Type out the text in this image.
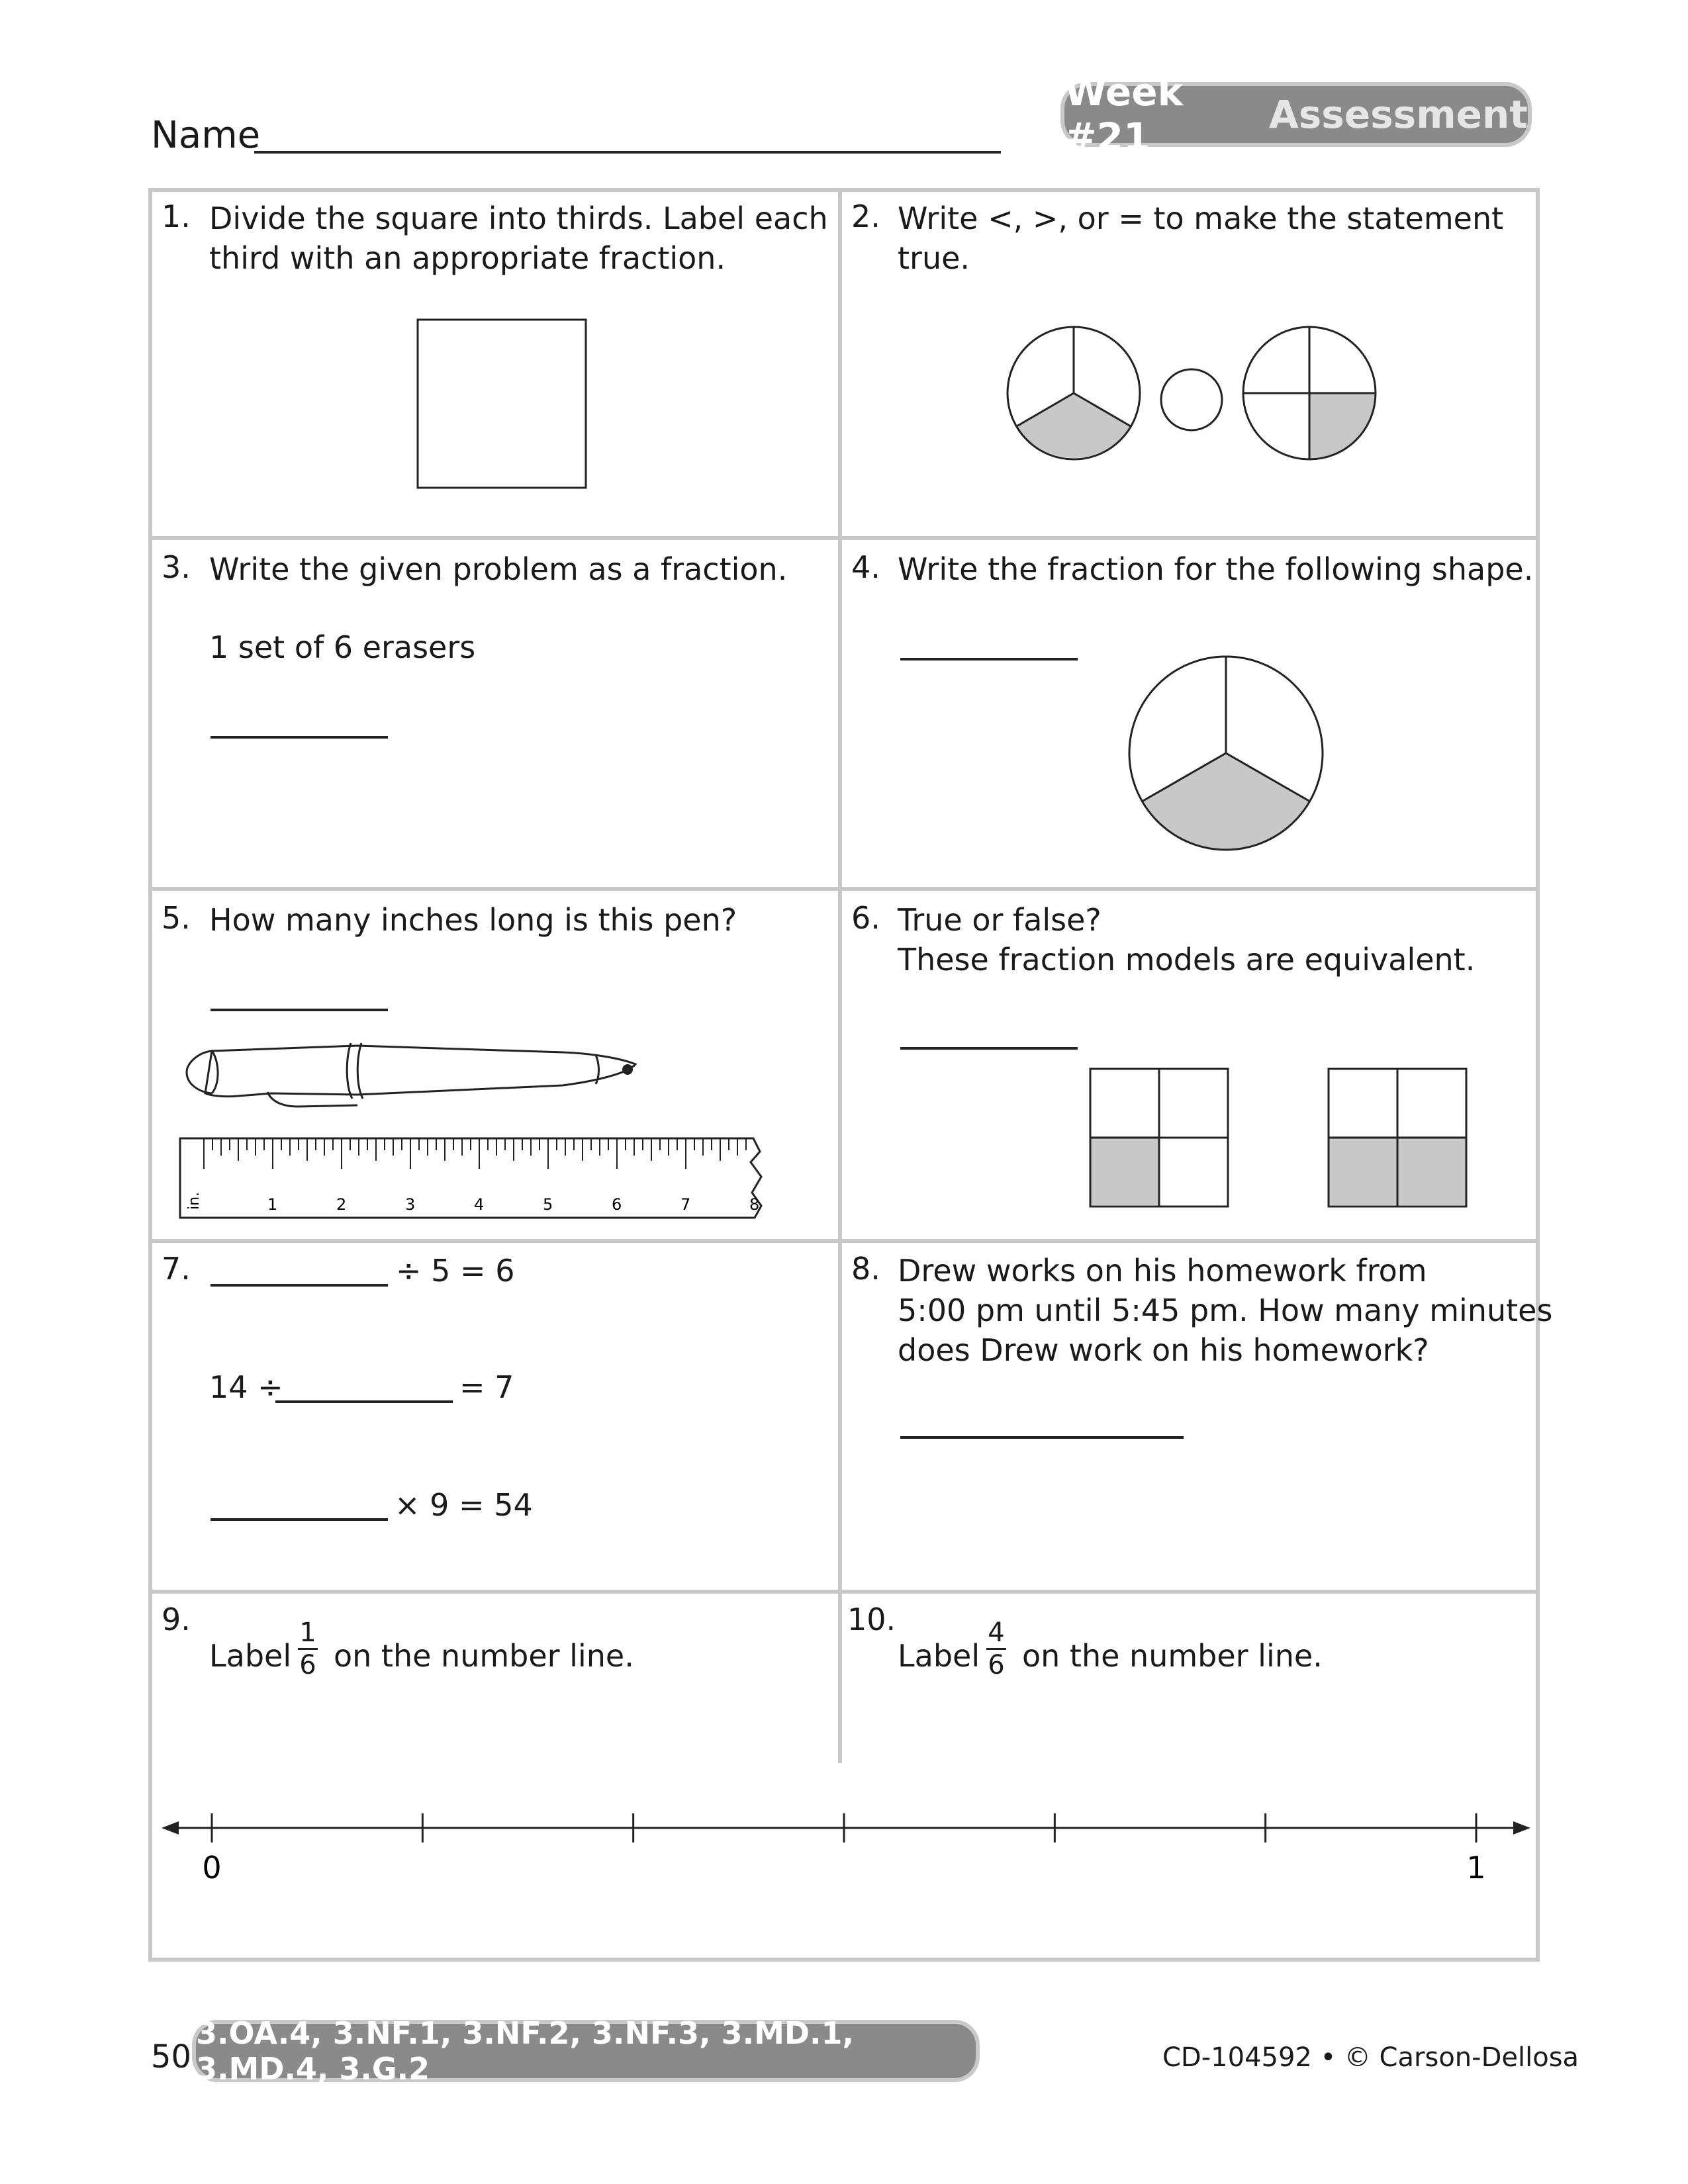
Name
Week #21	Assessment
1. Divide the square into thirds. Label each
third with an appropriate fraction.
2. Write <, >, or = to make the statement
true.
3. Write the given problem as a fraction.
1 set of 6 erasers
4. Write the fraction for the following shape.
5. How many inches long is this pen?
1	2	3	4	5	6	7	8
in.
6. True or false?
These fraction models are equivalent.
7.	÷ 5 = 6
14 ÷	= 7
× 9 = 54
8. Drew works on his homework from
5:00 pm until 5:45 pm. How many minutes
does Drew work on his homework?
9.
Label
1
6 on the number line.
10.
Label
4
6 on the number line.
0	1
50
3.OA.4, 3.NF.1, 3.NF.2, 3.NF.3, 3.MD.1, 3.MD.4, 3.G.2	CD-104592 • © Carson-Dellosa
